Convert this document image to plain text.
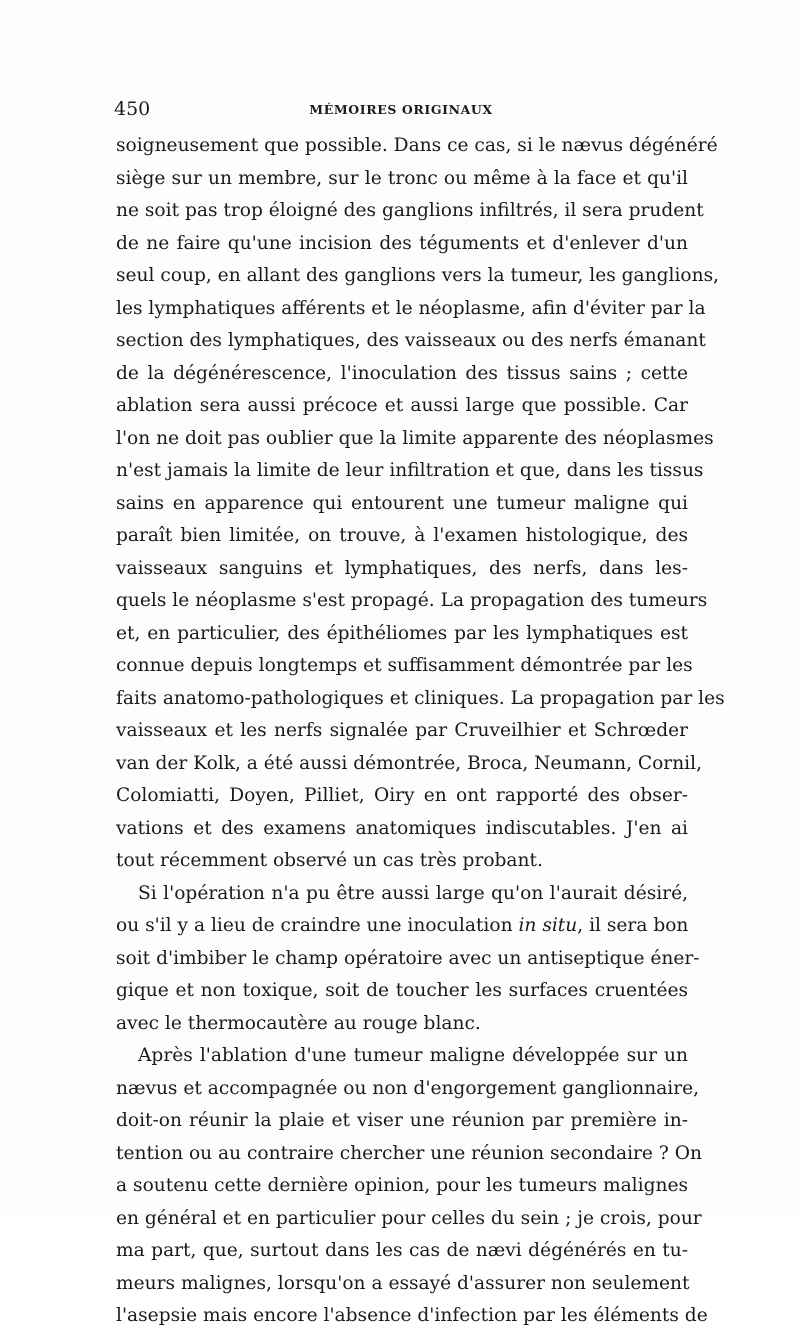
450	MÉMOIRES ORIGINAUX
soigneusement que possible. Dans ce cas, si le nævus dégénéré
siège sur un membre, sur le tronc ou même à la face et qu'il
ne soit pas trop éloigné des ganglions infiltrés, il sera prudent
de ne faire qu'une incision des téguments et d'enlever d'un
seul coup, en allant des ganglions vers la tumeur, les ganglions,
les lymphatiques afférents et le néoplasme, afin d'éviter par la
section des lymphatiques, des vaisseaux ou des nerfs émanant
de la dégénérescence, l'inoculation des tissus sains ; cette
ablation sera aussi précoce et aussi large que possible. Car
l'on ne doit pas oublier que la limite apparente des néoplasmes
n'est jamais la limite de leur infiltration et que, dans les tissus
sains en apparence qui entourent une tumeur maligne qui
paraît bien limitée, on trouve, à l'examen histologique, des
vaisseaux sanguins et lymphatiques, des nerfs, dans les-
quels le néoplasme s'est propagé. La propagation des tumeurs
et, en particulier, des épithéliomes par les lymphatiques est
connue depuis longtemps et suffisamment démontrée par les
faits anatomo-pathologiques et cliniques. La propagation par les
vaisseaux et les nerfs signalée par Cruveilhier et Schrœder
van der Kolk, a été aussi démontrée, Broca, Neumann, Cornil,
Colomiatti, Doyen, Pilliet, Oiry en ont rapporté des obser-
vations et des examens anatomiques indiscutables. J'en ai
tout récemment observé un cas très probant.
Si l'opération n'a pu être aussi large qu'on l'aurait désiré,
ou s'il y a lieu de craindre une inoculation in situ, il sera bon
soit d'imbiber le champ opératoire avec un antiseptique éner-
gique et non toxique, soit de toucher les surfaces cruentées
avec le thermocautère au rouge blanc.
Après l'ablation d'une tumeur maligne développée sur un
nævus et accompagnée ou non d'engorgement ganglionnaire,
doit-on réunir la plaie et viser une réunion par première in-
tention ou au contraire chercher une réunion secondaire ? On
a soutenu cette dernière opinion, pour les tumeurs malignes
en général et en particulier pour celles du sein ; je crois, pour
ma part, que, surtout dans les cas de nævi dégénérés en tu-
meurs malignes, lorsqu'on a essayé d'assurer non seulement
l'asepsie mais encore l'absence d'infection par les éléments de
